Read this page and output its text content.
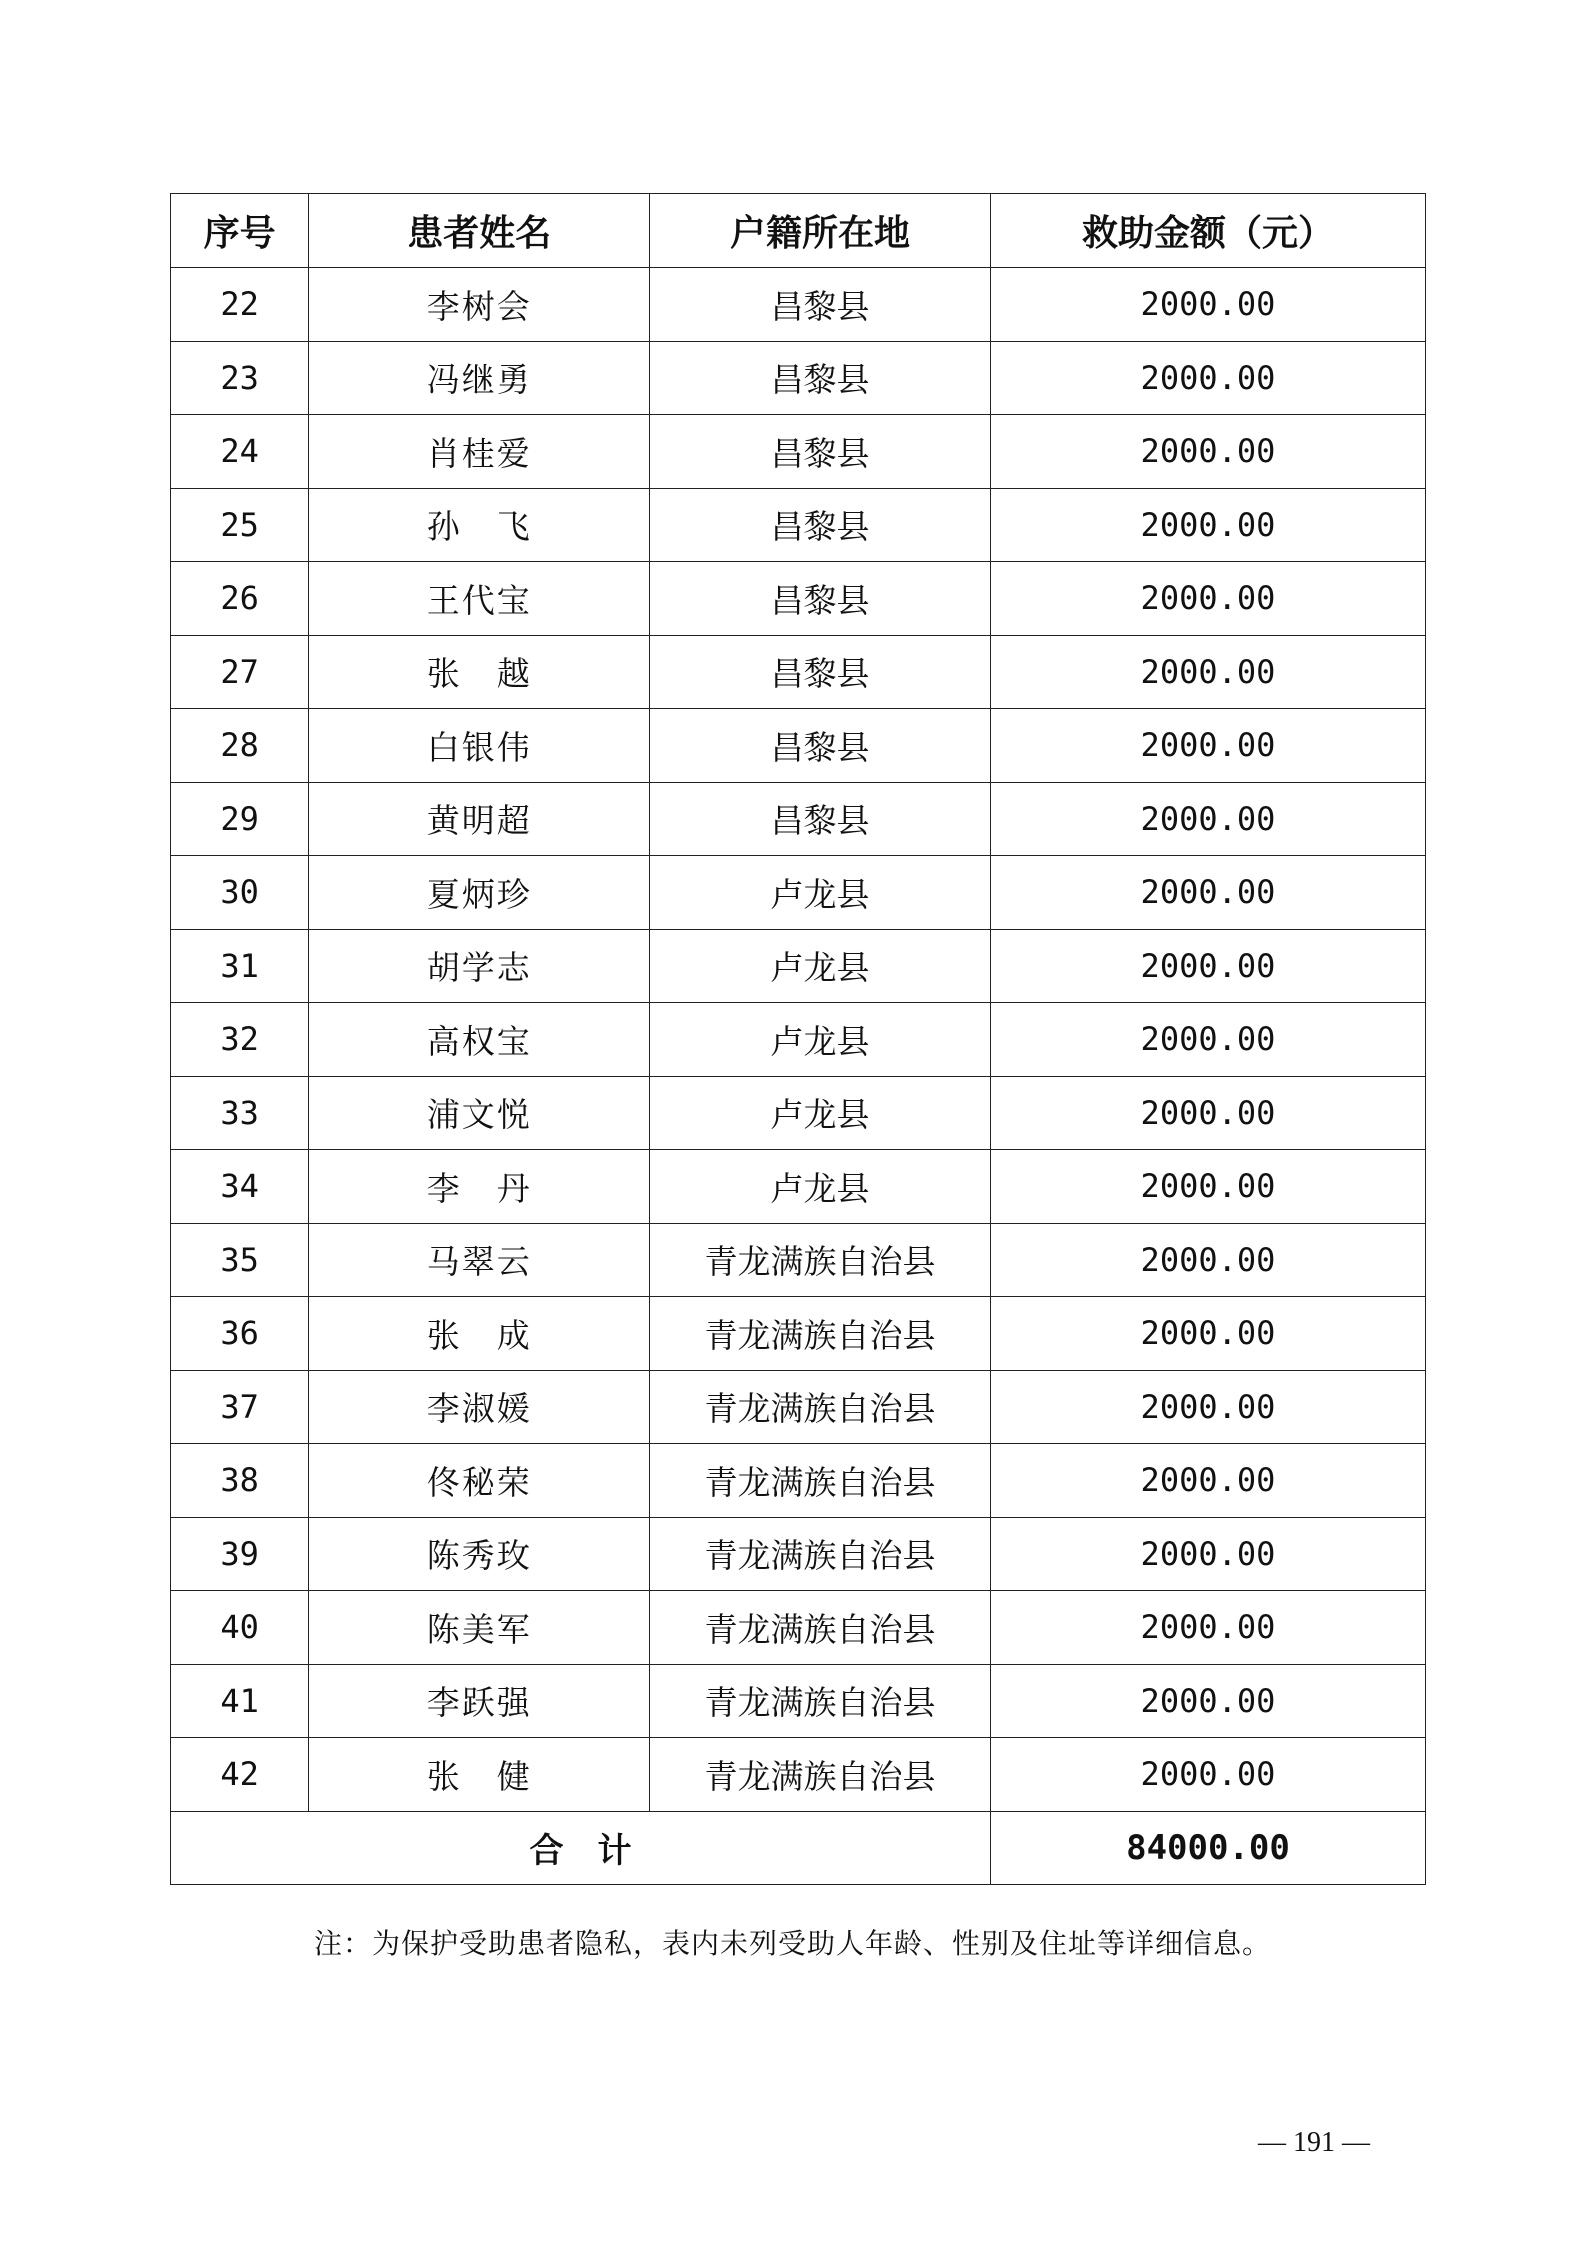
序号	患者姓名	户籍所在地	救助金额（元）
22	李树会	昌黎县	2000.00
23	冯继勇	昌黎县	2000.00
24	肖桂爱	昌黎县	2000.00
25	孙　飞	昌黎县	2000.00
26	王代宝	昌黎县	2000.00
27	张　越	昌黎县	2000.00
28	白银伟	昌黎县	2000.00
29	黄明超	昌黎县	2000.00
30	夏炳珍	卢龙县	2000.00
31	胡学志	卢龙县	2000.00
32	高权宝	卢龙县	2000.00
33	浦文悦	卢龙县	2000.00
34	李　丹	卢龙县	2000.00
35	马翠云	青龙满族自治县	2000.00
36	张　成	青龙满族自治县	2000.00
37	李淑媛	青龙满族自治县	2000.00
38	佟秘荣	青龙满族自治县	2000.00
39	陈秀玫	青龙满族自治县	2000.00
40	陈美军	青龙满族自治县	2000.00
41	李跃强	青龙满族自治县	2000.00
42	张　健	青龙满族自治县	2000.00
合　计			84000.00
注：为保护受助患者隐私，表内未列受助人年龄、性别及住址等详细信息。
— 191 —
